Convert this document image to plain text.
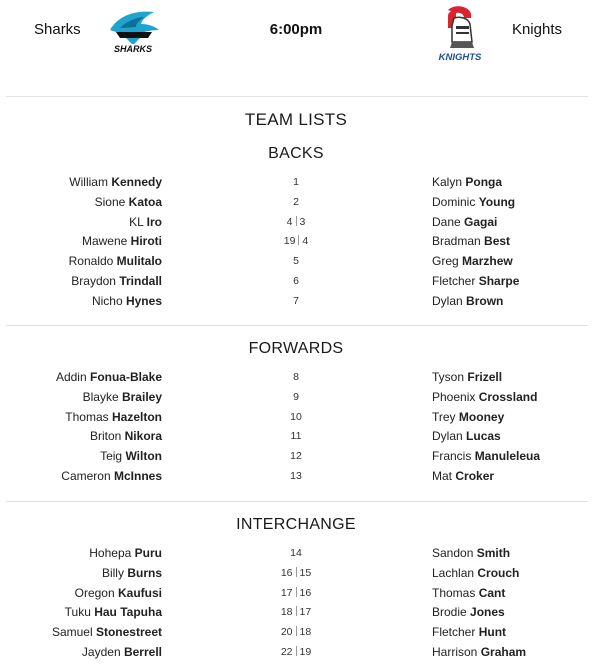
Sharks
SHARKS
6:00pm
KNIGHTS
Knights
TEAM LISTS
BACKS
William Kennedy	1	Kalyn Ponga
Sione Katoa	2	Dominic Young
KL Iro	4 3	Dane Gagai
Mawene Hiroti	19 4	Bradman Best
Ronaldo Mulitalo	5	Greg Marzhew
Braydon Trindall	6	Fletcher Sharpe
Nicho Hynes	7	Dylan Brown
FORWARDS
Addin Fonua-Blake	8	Tyson Frizell
Blayke Brailey	9	Phoenix Crossland
Thomas Hazelton	10	Trey Mooney
Briton Nikora	11	Dylan Lucas
Teig Wilton	12	Francis Manuleleua
Cameron McInnes	13	Mat Croker
INTERCHANGE
Hohepa Puru	14	Sandon Smith
Billy Burns	16 15	Lachlan Crouch
Oregon Kaufusi	17 16	Thomas Cant
Tuku Hau Tapuha	18 17	Brodie Jones
Samuel Stonestreet	20 18	Fletcher Hunt
Jayden Berrell	22 19	Harrison Graham
